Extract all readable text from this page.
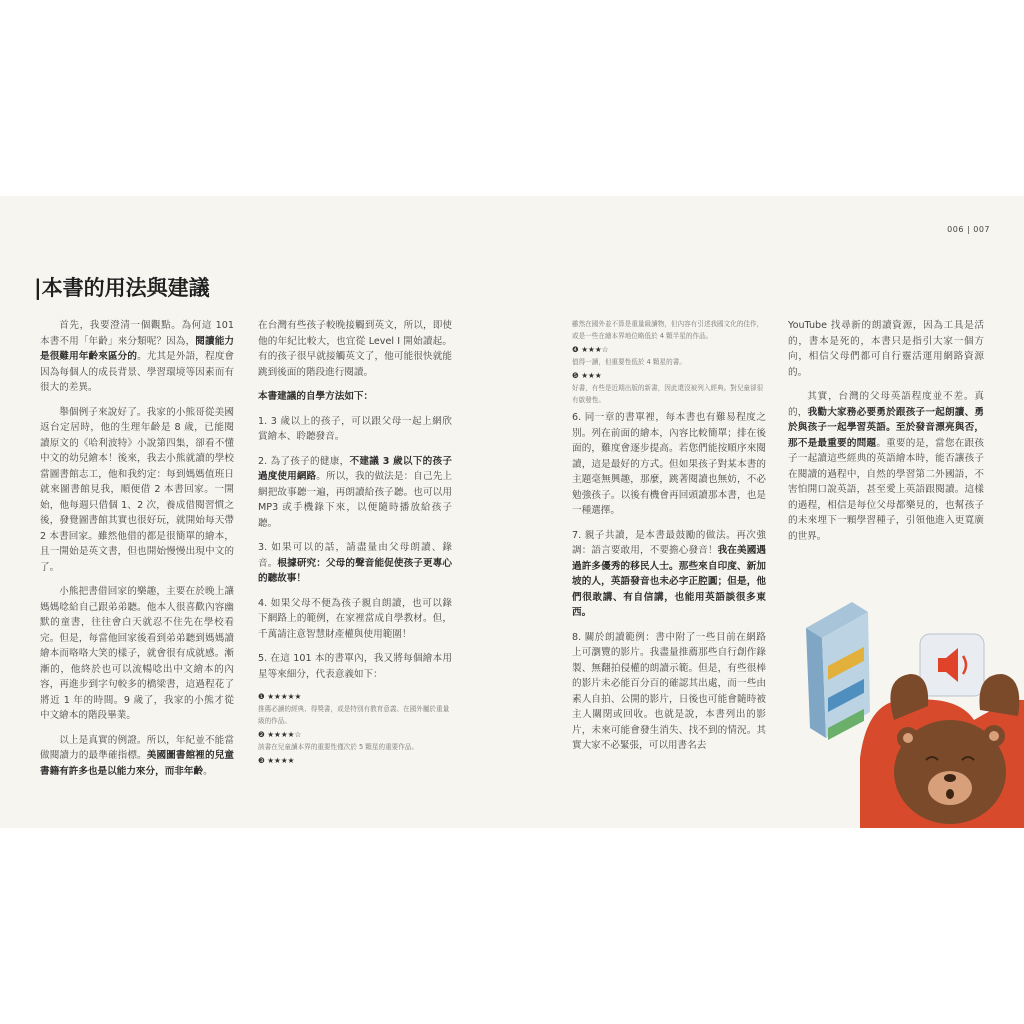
006 | 007
|本書的用法與建議

首先，我要澄清一個觀點。為何這 101 本書不用「年齡」來分類呢？因為，閱讀能力是很難用年齡來區分的。尤其是外語，程度會因為每個人的成長背景、學習環境等因素而有很大的差異。

舉個例子來說好了。我家的小熊哥從美國返台定居時，他的生理年齡是 8 歲，已能閱讀原文的《哈利波特》小說第四集，卻看不懂中文的幼兒繪本！後來，我去小熊就讀的學校當圖書館志工，他和我約定：每到媽媽值班日就來圖書館見我，順便借 2 本書回家。一開始，他每週只借個 1、2 次，養成借閱習慣之後，發覺圖書館其實也很好玩，就開始每天帶 2 本書回家。雖然他借的都是很簡單的繪本，且一開始是英文書，但也開始慢慢出現中文的了。

小熊把書借回家的樂趣，主要在於晚上讓媽媽唸給自己跟弟弟聽。他本人很喜歡內容幽默的童書，往往會白天就忍不住先在學校看完。但是，每當他回家後看到弟弟聽到媽媽讀繪本而咯咯大笑的樣子，就會很有成就感。漸漸的，他終於也可以流暢唸出中文繪本的內容，再進步到字句較多的橋梁書，這過程花了將近 1 年的時間。9 歲了，我家的小熊才從中文繪本的階段畢業。

以上是真實的例證。所以，年紀並不能當做閱讀力的最準確指標。美國圖書館裡的兒童書籍有許多也是以能力來分，而非年齡。

在台灣有些孩子較晚接觸到英文，所以，即使他的年紀比較大，也宜從 Level I 開始讀起。有的孩子很早就接觸英文了，他可能很快就能跳到後面的階段進行閱讀。

本書建議的自學方法如下：

1. 3 歲以上的孩子，可以跟父母一起上網欣賞繪本、聆聽發音。

2. 為了孩子的健康，不建議 3 歲以下的孩子過度使用網路。所以，我的做法是：自己先上網把故事聽一遍，再朗讀給孩子聽。也可以用 MP3 或手機錄下來，以便隨時播放給孩子聽。

3. 如果可以的話，請盡量由父母朗讀、錄音。根據研究：父母的聲音能促使孩子更專心的聽故事！

4. 如果父母不便為孩子親自朗讀，也可以錄下網路上的範例，在家裡當成自學教材。但，千萬請注意智慧財產權與使用範圍！

5. 在這 101 本的書單內，我又將每個繪本用星等來細分，代表意義如下：

❶ ★★★★★
推薦必讀的經典、得獎書，或是特別有教育意義、在國外屬於重量級的作品。
❷ ★★★★☆
該書在兒童讀本界的重要性僅次於 5 顆星的重要作品。
❸ ★★★★
雖然在國外並不算是重量級讀物，但內容有引述我國文化的佳作，或是一些在繪本界地位略低於 4 顆半星的作品。
❹ ★★★☆
值得一讀，但重要性低於 4 顆星的書。
❺ ★★★
好書，有些是近期出版的新書，因此還沒被列入經典。對兒童卻很有啟發性。

6. 同一章的書單裡，每本書也有難易程度之別。列在前面的繪本，內容比較簡單；排在後面的，難度會逐步提高。若您們能按順序來閱讀，這是最好的方式。但如果孩子對某本書的主題毫無興趣，那麼，跳著閱讀也無妨，不必勉強孩子。以後有機會再回頭讀那本書，也是一種選擇。

7. 親子共讀，是本書最鼓勵的做法。再次強調：語言要敢用，不要擔心發音！我在美國遇過許多優秀的移民人士。那些來自印度、新加坡的人，英語發音也未必字正腔圓；但是，他們很敢講、有自信講，也能用英語談很多東西。

8. 關於朗讀範例：書中附了一些目前在網路上可瀏覽的影片。我盡量推薦那些自行創作錄製、無翻拍侵權的朗讀示範。但是，有些很棒的影片未必能百分百的確認其出處，而一些由素人自拍、公開的影片，日後也可能會隨時被主人關閉或回收。也就是說，本書列出的影片，未來可能會發生消失、找不到的情況。其實大家不必緊張，可以用書名去

YouTube 找尋新的朗讀資源，因為工具是活的，書本是死的，本書只是指引大家一個方向，相信父母們都可自行靈活運用網路資源的。

其實，台灣的父母英語程度並不差。真的，我勸大家務必要勇於跟孩子一起朗讀、勇於與孩子一起學習英語。至於發音漂亮與否，那不是最重要的問題。重要的是，當您在跟孩子一起讀這些經典的英語繪本時，能否讓孩子在閱讀的過程中，自然的學習第二外國語，不害怕開口說英語，甚至愛上英語跟閱讀。這樣的過程，相信是每位父母都樂見的，也幫孩子的未來埋下一顆學習種子，引領他進入更寬廣的世界。
